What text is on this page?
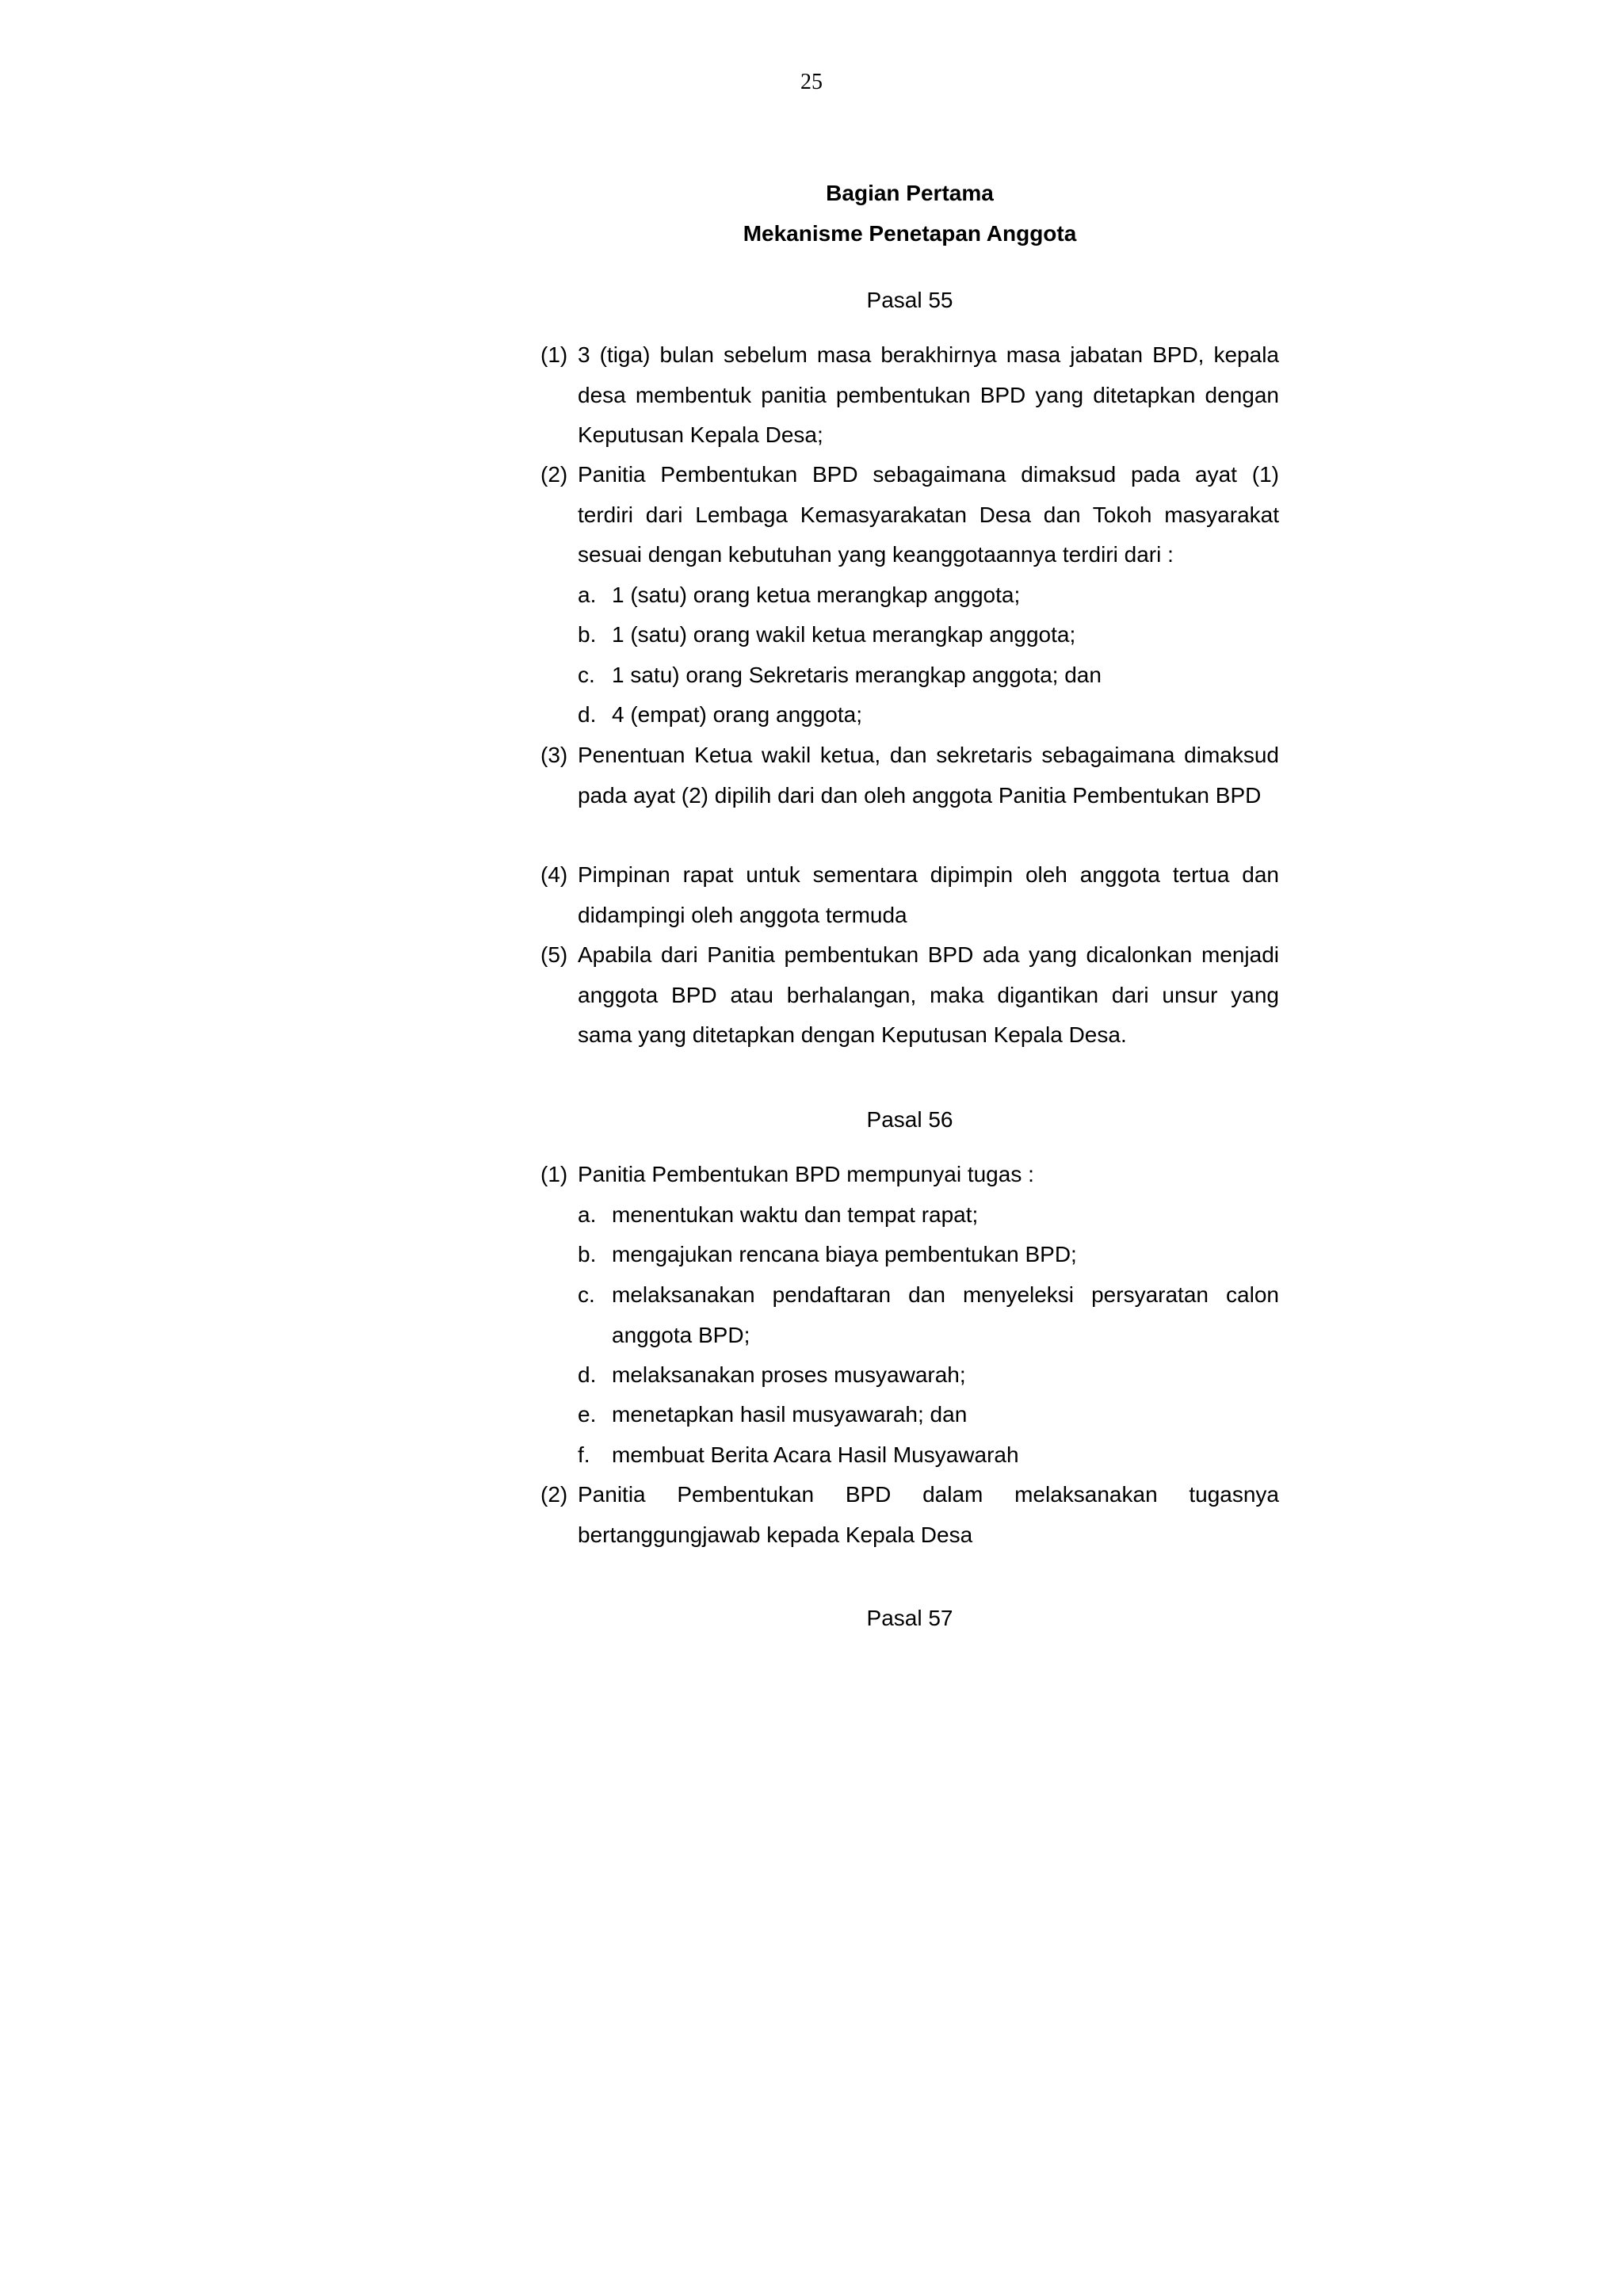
25
Bagian Pertama
Mekanisme Penetapan Anggota
Pasal 55
(1) 3 (tiga) bulan sebelum masa berakhirnya masa jabatan BPD, kepala desa membentuk panitia pembentukan BPD yang ditetapkan dengan Keputusan Kepala Desa;
(2) Panitia Pembentukan BPD sebagaimana dimaksud pada ayat (1) terdiri dari Lembaga Kemasyarakatan Desa dan Tokoh masyarakat sesuai dengan kebutuhan yang keanggotaannya terdiri dari :
a. 1 (satu) orang ketua merangkap anggota;
b. 1 (satu) orang wakil ketua merangkap anggota;
c. 1 satu) orang Sekretaris merangkap anggota; dan
d. 4 (empat) orang anggota;
(3) Penentuan Ketua wakil ketua, dan sekretaris sebagaimana dimaksud pada ayat (2) dipilih dari dan oleh anggota Panitia Pembentukan BPD
(4) Pimpinan rapat untuk sementara dipimpin oleh anggota tertua dan didampingi oleh anggota termuda
(5) Apabila dari Panitia pembentukan BPD ada yang dicalonkan menjadi anggota BPD atau berhalangan, maka digantikan dari unsur yang sama yang ditetapkan dengan Keputusan Kepala Desa.
Pasal 56
(1) Panitia Pembentukan BPD mempunyai tugas :
a. menentukan waktu dan tempat rapat;
b. mengajukan rencana biaya pembentukan BPD;
c. melaksanakan pendaftaran dan menyeleksi persyaratan calon anggota BPD;
d. melaksanakan proses musyawarah;
e. menetapkan hasil musyawarah; dan
f. membuat Berita Acara Hasil Musyawarah
(2) Panitia Pembentukan BPD dalam melaksanakan tugasnya bertanggungjawab kepada Kepala Desa
Pasal 57
